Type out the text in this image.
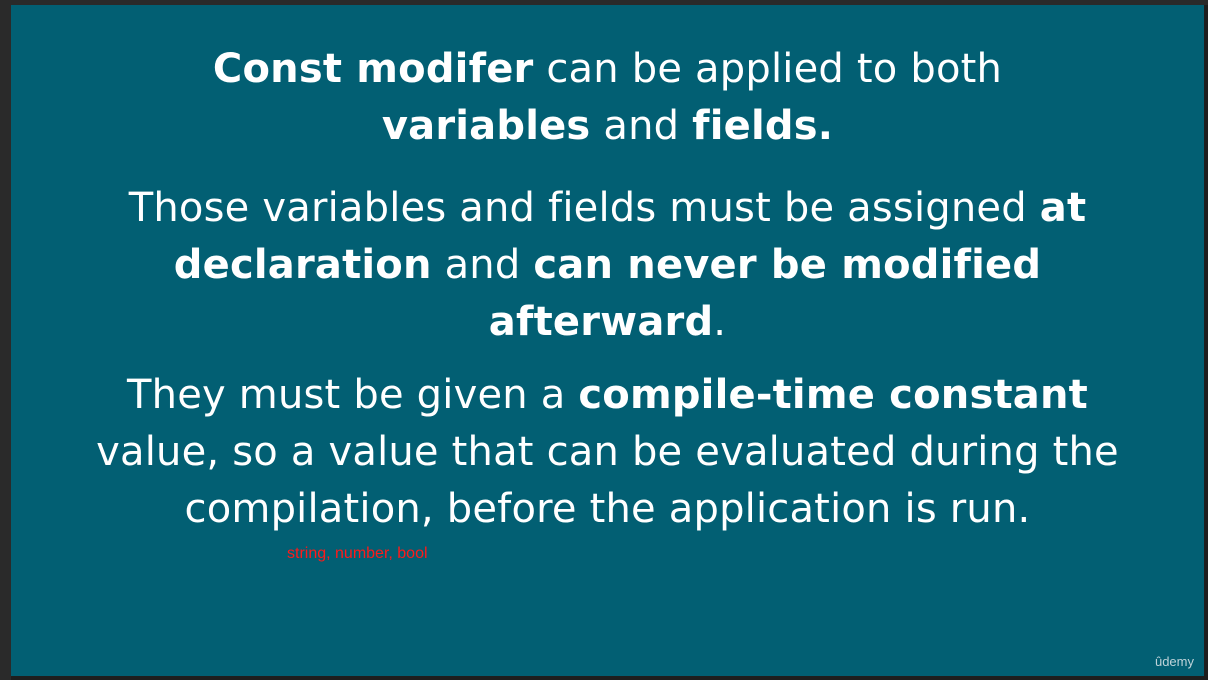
Const modifer can be applied to both
variables and fields.

Those variables and fields must be assigned at
declaration and can never be modified
afterward.

They must be given a compile-time constant
value, so a value that can be evaluated during the
compilation, before the application is run.

string, number, bool
ûdemy
